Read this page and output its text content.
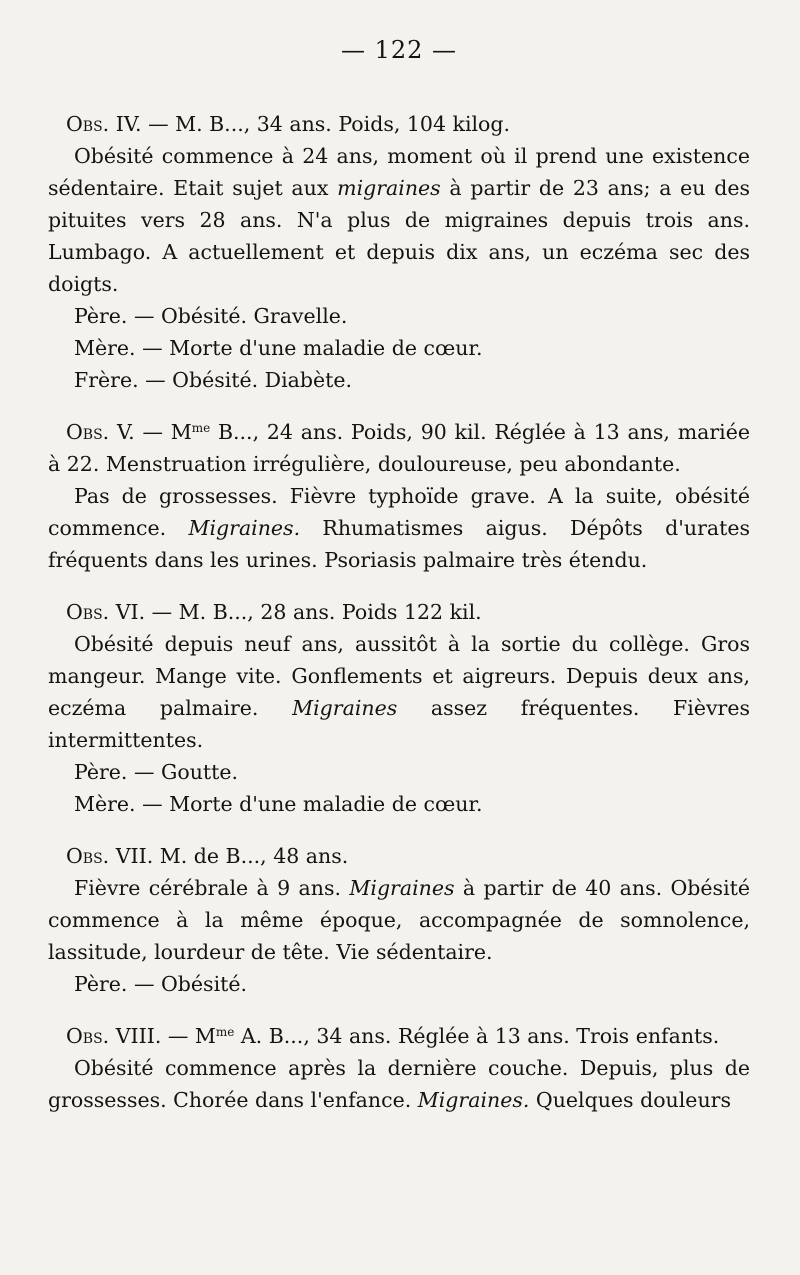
— 122 —

Obs. IV. — M. B..., 34 ans. Poids, 104 kilog.

Obésité commence à 24 ans, moment où il prend une existence sédentaire. Etait sujet aux migraines à partir de 23 ans; a eu des pituites vers 28 ans. N'a plus de migraines depuis trois ans. Lumbago. A actuellement et depuis dix ans, un eczéma sec des doigts.

Père. — Obésité. Gravelle.

Mère. — Morte d'une maladie de cœur.

Frère. — Obésité. Diabète.

Obs. V. — $M^{me}$ B..., 24 ans. Poids, 90 kil. Réglée à 13 ans, mariée à 22. Menstruation irrégulière, douloureuse, peu abondante.

Pas de grossesses. Fièvre typhoïde grave. A la suite, obésité commence. Migraines. Rhumatismes aigus. Dépôts d'urates fréquents dans les urines. Psoriasis palmaire très étendu.

Obs. VI. — M. B..., 28 ans. Poids 122 kil.

Obésité depuis neuf ans, aussitôt à la sortie du collège. Gros mangeur. Mange vite. Gonflements et aigreurs. Depuis deux ans, eczéma palmaire. Migraines assez fréquentes. Fièvres intermittentes.

Père. — Goutte.

Mère. — Morte d'une maladie de cœur.

Obs. VII. M. de B..., 48 ans.

Fièvre cérébrale à 9 ans. Migraines à partir de 40 ans. Obésité commence à la même époque, accompagnée de somnolence, lassitude, lourdeur de tête. Vie sédentaire.

Père. — Obésité.

Obs. VIII. — $M^{me}$ A. B..., 34 ans. Réglée à 13 ans. Trois enfants.

Obésité commence après la dernière couche. Depuis, plus de grossesses. Chorée dans l'enfance. Migraines. Quelques douleurs
